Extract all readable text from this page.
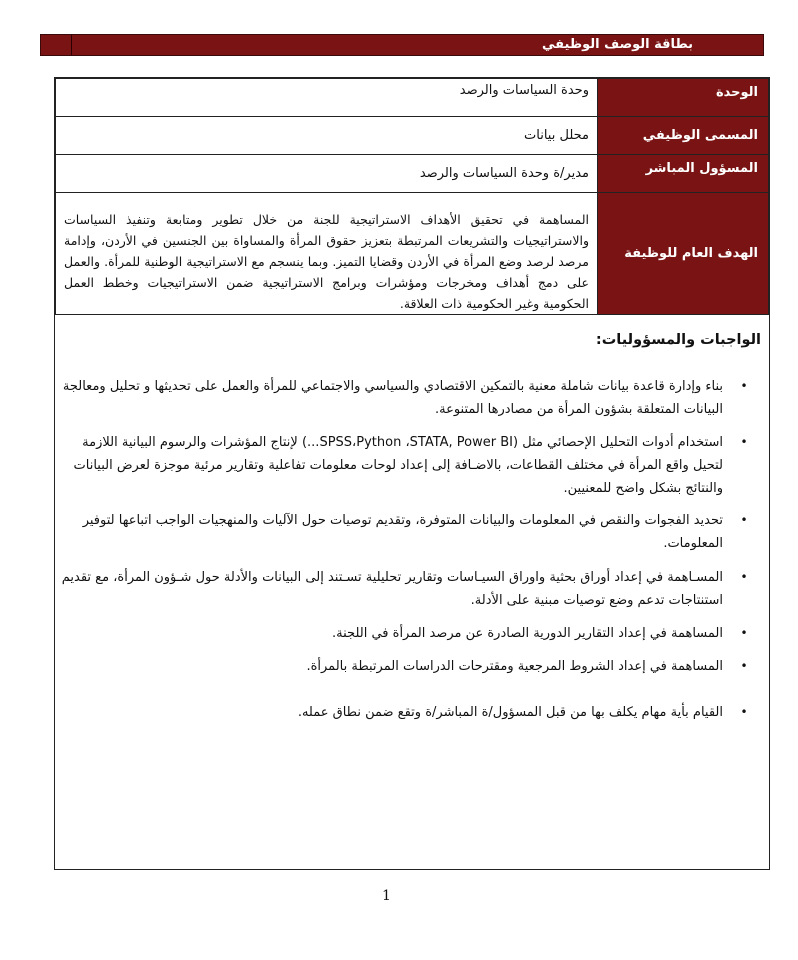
بطاقة الوصف الوظيفي
الوحدة	وحدة السياسات والرصد
المسمى الوظيفي	محلل بيانات
المسؤول المباشر	مدير/ة وحدة السياسات والرصد
الهدف العام للوظيفة	المساهمة في تحقيق الأهداف الاستراتيجية للجنة من خلال تطوير ومتابعة وتنفيذ السياسات والاستراتيجيات والتشريعات المرتبطة بتعزيز حقوق المرأة والمساواة بين الجنسين في الأردن، وإدامة مرصد لرصد وضع المرأة في الأردن وقضايا التميز. وبما ينسجم مع الاستراتيجية الوطنية للمرأة. والعمل على دمج أهداف ومخرجات ومؤشرات وبرامج الاستراتيجية ضمن الاستراتيجيات وخطط العمل الحكومية وغير الحكومية ذات العلاقة.
الواجبات والمسؤوليات:
•
بناء وإدارة قاعدة بيانات شاملة معنية بالتمكين الاقتصادي والسياسي والاجتماعي للمرأة والعمل على تحديثها و تحليل ومعالجة البيانات المتعلقة بشؤون المرأة من مصادرها المتنوعة.
•
استخدام أدوات التحليل الإحصائي مثل (SPSS،Python ،STATA, Power BI...) لإنتاج المؤشرات والرسوم البيانية اللازمة لتحيل واقع المرأة في مختلف القطاعات، بالاضـافة إلى إعداد لوحات معلومات تفاعلية وتقارير مرئية موجزة لعرض البيانات والنتائج بشكل واضح للمعنيين.
•
تحديد الفجوات والنقص في المعلومات والبيانات المتوفرة، وتقديم توصيات حول الآليات والمنهجيات الواجب اتباعها لتوفير المعلومات.
•
المسـاهمة في إعداد أوراق بحثية واوراق السيـاسات وتقارير تحليلية تسـتند إلى البيانات والأدلة حول شـؤون المرأة، مع تقديم استنتاجات تدعم وضع توصيات مبنية على الأدلة.
•
المساهمة في إعداد التقارير الدورية الصادرة عن مرصد المرأة في اللجنة.
•
المساهمة في إعداد الشروط المرجعية ومقترحات الدراسات المرتبطة بالمرأة.
•
القيام بأية مهام يكلف بها من قبل المسؤول/ة المباشر/ة وتقع ضمن نطاق عمله.
1
